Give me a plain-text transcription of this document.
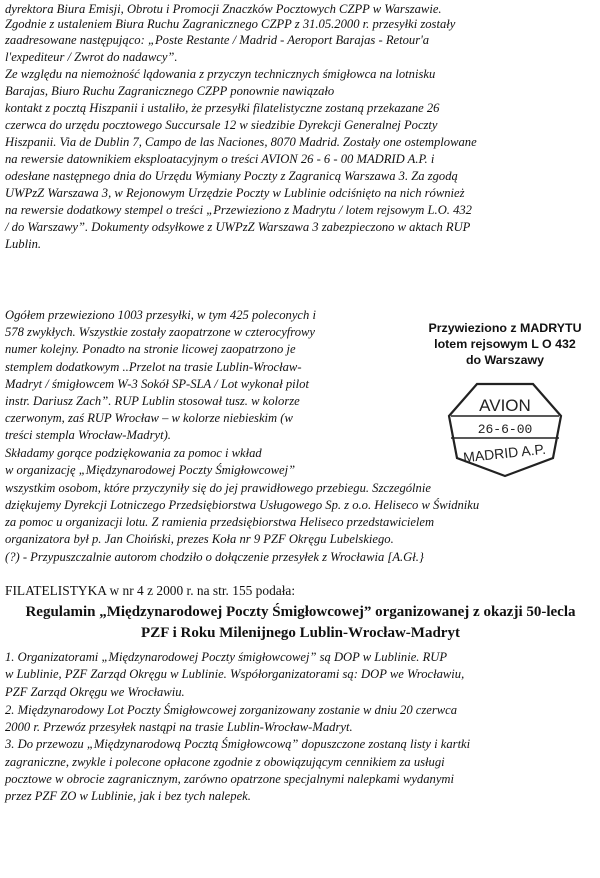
dyrektora Biura Emisji, Obrotu i Promocji Znaczków Pocztowych CZPP w Warszawie.
Zgodnie z ustaleniem Biura Ruchu Zagranicznego CZPP z 31.05.2000 r. przesyłki zostały
zaadresowane następująco: „Poste Restante / Madrid - Aeroport Barajas - Retour'a
l'expediteur / Zwrot do nadawcy”.
Ze względu na niemożność lądowania z przyczyn technicznych śmigłowca na lotnisku
Barajas, Biuro Ruchu Zagranicznego CZPP ponownie nawiązało
kontakt z pocztą Hiszpanii i ustaliło, że przesyłki filatelistyczne zostaną przekazane 26
czerwca do urzędu pocztowego Succursale 12 w siedzibie Dyrekcji Generalnej Poczty
Hiszpanii. Via de Dublin 7, Campo de las Naciones, 8070 Madrid. Zostały one ostemplowane
na rewersie datownikiem eksploatacyjnym o treści AVION 26 - 6 - 00 MADRID A.P. i
odesłane następnego dnia do Urzędu Wymiany Poczty z Zagranicą Warszawa 3. Za zgodą
UWPzZ Warszawa 3, w Rejonowym Urzędzie Poczty w Lublinie odciśnięto na nich również
na rewersie dodatkowy stempel o treści „Przewieziono z Madrytu / lotem rejsowym L.O. 432
/ do Warszawy”. Dokumenty odsyłkowe z UWPzZ Warszawa 3 zabezpieczono w aktach RUP
Lublin.
Ogółem przewieziono 1003 przesyłki, w tym 425 poleconych i
578 zwykłych. Wszystkie zostały zaopatrzone w czterocyfrowy
numer kolejny. Ponadto na stronie licowej zaopatrzono je
stemplem dodatkowym ..Przelot na trasie Lublin-Wrocław-
Madryt / śmigłowcem W-3 Sokół SP-SLA / Lot wykonał pilot
instr. Dariusz Zach”. RUP Lublin stosował tusz. w kolorze
czerwonym, zaś RUP Wrocław – w kolorze niebieskim (w
treści stempla Wrocław-Madryt).
Składamy gorące podziękowania za pomoc i wkład
w organizację „Międzynarodowej Poczty Śmigłowcowej”
Przywieziono z MADRYTU
lotem rejsowym L O 432
do Warszawy
AVION
26-6-00
MADRID A.P.
wszystkim osobom, które przyczyniły się do jej prawidłowego przebiegu. Szczególnie
dziękujemy Dyrekcji Lotniczego Przedsiębiorstwa Usługowego Sp. z o.o. Heliseco w Świdniku
za pomoc u organizacji lotu. Z ramienia przedsiębiorstwa Heliseco przedstawicielem
organizatora był p. Jan Choiński, prezes Koła nr 9 PZF Okręgu Lubelskiego.
(?) - Przypuszczalnie autorom chodziło o dołączenie przesyłek z Wrocławia [A.Gł.}
FILATELISTYKA w nr 4 z 2000 r. na str. 155 podała:
Regulamin „Międzynarodowej Poczty Śmigłowcowej” organizowanej z okazji 50-lecla
PZF i Roku Milenijnego Lublin-Wrocław-Madryt
1. Organizatorami „Międzynarodowej Poczty śmigłowcowej” są DOP w Lublinie. RUP
w Lublinie, PZF Zarząd Okręgu w Lublinie. Współorganizatorami są: DOP we Wrocławiu,
PZF Zarząd Okręgu we Wrocławiu.
2. Międzynarodowy Lot Poczty Śmigłowcowej zorganizowany zostanie w dniu 20 czerwca
2000 r. Przewóz przesyłek nastąpi na trasie Lublin-Wrocław-Madryt.
3. Do przewozu „Międzynarodową Pocztą Śmigłowcową” dopuszczone zostaną listy i kartki
zagraniczne, zwykle i polecone opłacone zgodnie z obowiązującym cennikiem za usługi
pocztowe w obrocie zagranicznym, zarówno opatrzone specjalnymi nalepkami wydanymi
przez PZF ZO w Lublinie, jak i bez tych nalepek.
